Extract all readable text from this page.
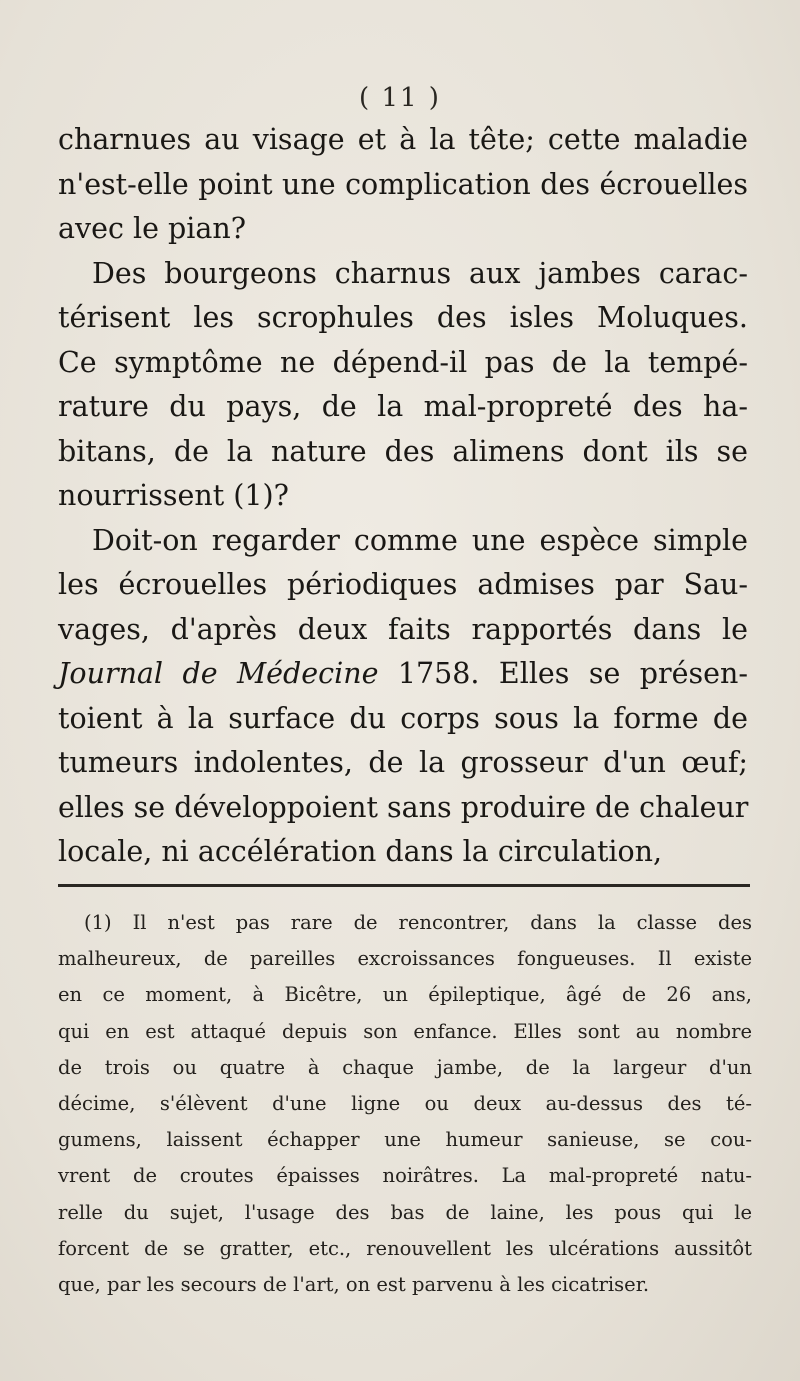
( 11 )
charnues au visage et à la tête; cette maladie
n'est-elle point une complication des écrouelles
avec le pian?
Des bourgeons charnus aux jambes carac-
térisent les scrophules des isles Moluques.
Ce symptôme ne dépend-il pas de la tempé-
rature du pays, de la mal-propreté des ha-
bitans, de la nature des alimens dont ils se
nourrissent (1)?
Doit-on regarder comme une espèce simple
les écrouelles périodiques admises par Sau-
vages, d'après deux faits rapportés dans le
Journal de Médecine 1758. Elles se présen-
toient à la surface du corps sous la forme de
tumeurs indolentes, de la grosseur d'un œuf;
elles se développoient sans produire de chaleur
locale, ni accélération dans la circulation,
(1) Il n'est pas rare de rencontrer, dans la classe des
malheureux, de pareilles excroissances fongueuses. Il existe
en ce moment, à Bicêtre, un épileptique, âgé de 26 ans,
qui en est attaqué depuis son enfance. Elles sont au nombre
de trois ou quatre à chaque jambe, de la largeur d'un
décime, s'élèvent d'une ligne ou deux au-dessus des té-
gumens, laissent échapper une humeur sanieuse, se cou-
vrent de croutes épaisses noirâtres. La mal-propreté natu-
relle du sujet, l'usage des bas de laine, les pous qui le
forcent de se gratter, etc., renouvellent les ulcérations aussitôt
que, par les secours de l'art, on est parvenu à les cicatriser.
